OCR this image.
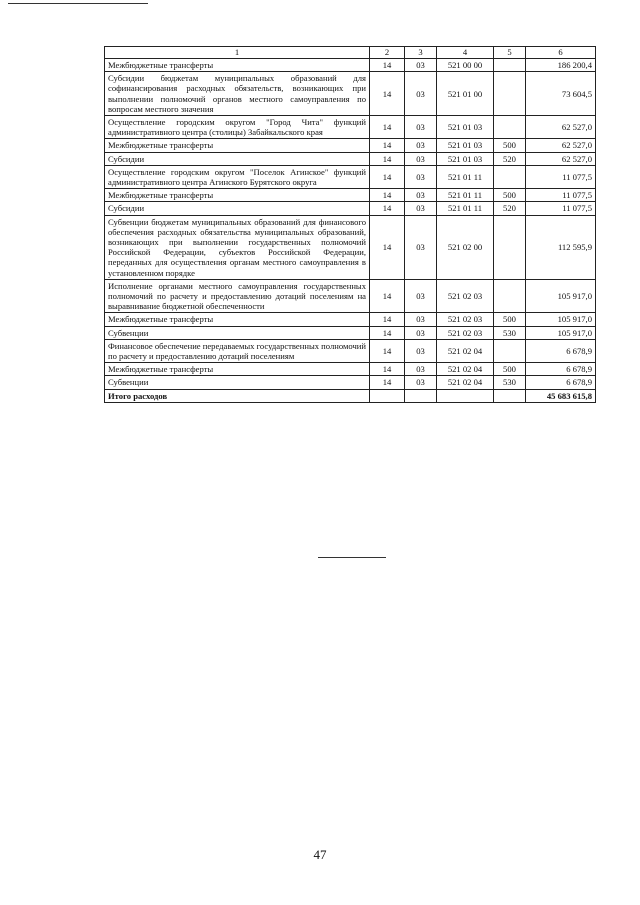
1	2	3	4	5	6
Межбюджетные трансферты	14	03	521 00 00		186 200,4
Субсидии бюджетам муниципальных образований для софинансирования расходных обязательств, возникающих при выполнении полномочий органов местного самоуправления по вопросам местного значения	14	03	521 01 00		73 604,5
Осуществление городским округом "Город Чита" функций административного центра (столицы) Забайкальского края	14	03	521 01 03		62 527,0
Межбюджетные трансферты	14	03	521 01 03	500	62 527,0
Субсидии	14	03	521 01 03	520	62 527,0
Осуществление городским округом "Поселок Агинское" функций административного центра Агинского Бурятского округа	14	03	521 01 11		11 077,5
Межбюджетные трансферты	14	03	521 01 11	500	11 077,5
Субсидии	14	03	521 01 11	520	11 077,5
Субвенции бюджетам муниципальных образований для финансового обеспечения расходных обязательства муниципальных образований, возникающих при выполнении государственных полномочий Российской Федерации, субъектов Российской Федерации, переданных для осуществления органам местного самоуправления в установленном порядке	14	03	521 02 00		112 595,9
Исполнение органами местного самоуправления государственных полномочий по расчету и предоставлению дотаций поселениям на выравнивание бюджетной обеспеченности	14	03	521 02 03		105 917,0
Межбюджетные трансферты	14	03	521 02 03	500	105 917,0
Субвенции	14	03	521 02 03	530	105 917,0
Финансовое обеспечение передаваемых государственных полномочий по расчету и предоставлению дотаций поселениям	14	03	521 02 04		6 678,9
Межбюджетные трансферты	14	03	521 02 04	500	6 678,9
Субвенции	14	03	521 02 04	530	6 678,9
Итого расходов					45 683 615,8
47
